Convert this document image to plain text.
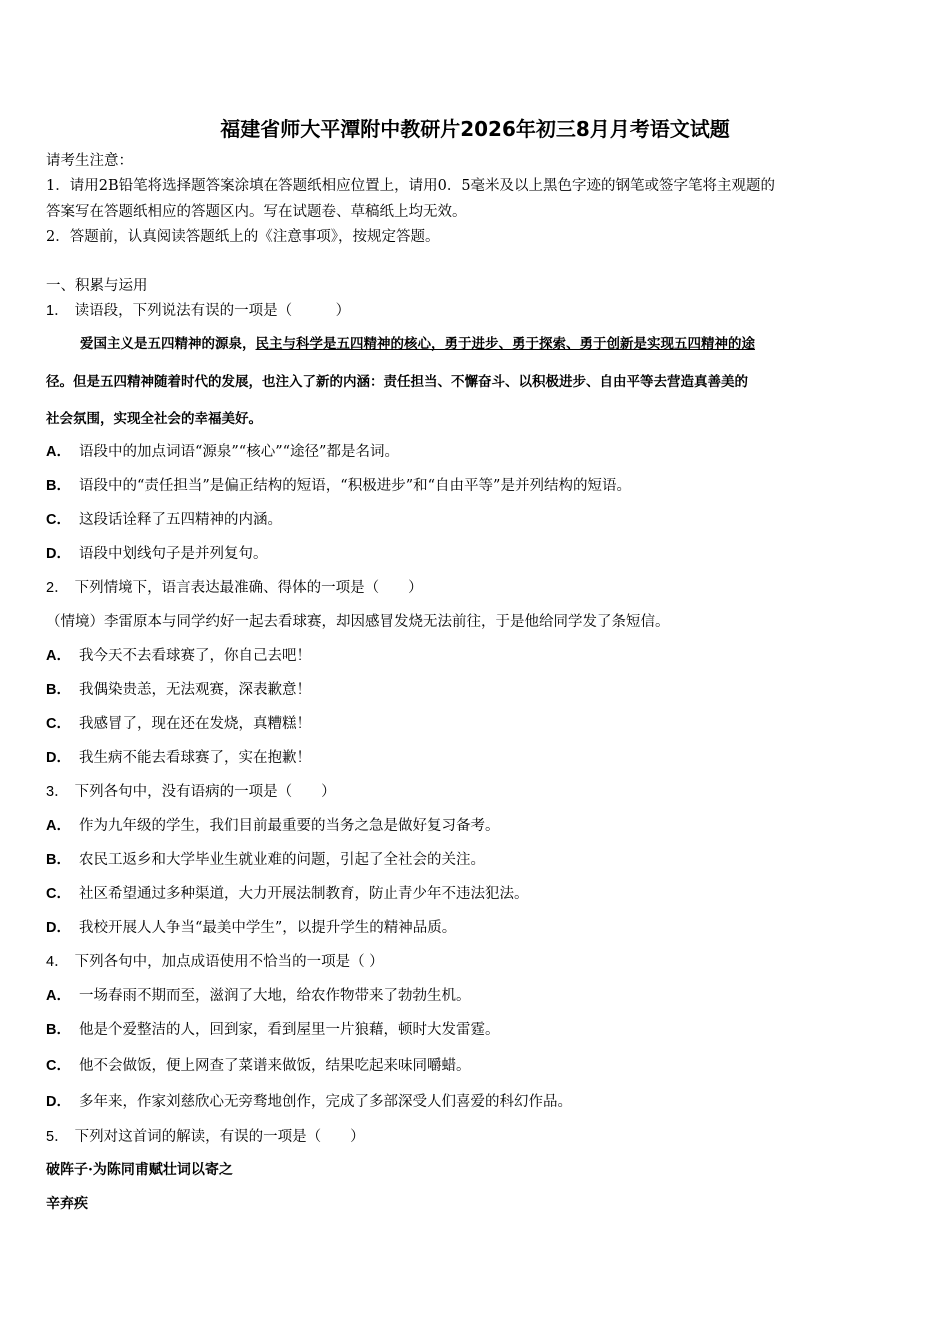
福建省师大平潭附中教研片2026年初三8月月考语文试题
请考生注意：
1．请用2B铅笔将选择题答案涂填在答题纸相应位置上，请用0．5毫米及以上黑色字迹的钢笔或签字笔将主观题的
答案写在答题纸相应的答题区内。写在试题卷、草稿纸上均无效。
2．答题前，认真阅读答题纸上的《注意事项》，按规定答题。
一、积累与运用
1． 读语段，下列说法有误的一项是（　　　）
爱国主义是五四精神的源泉，民主与科学是五四精神的核心，勇于进步、勇于探索、勇于创新是实现五四精神的途
径。但是五四精神随着时代的发展，也注入了新的内涵：责任担当、不懈奋斗、以积极进步、自由平等去营造真善美的
社会氛围，实现全社会的幸福美好。
A． 语段中的加点词语“源泉”“核心”“途径”都是名词。
B． 语段中的“责任担当”是偏正结构的短语，“积极进步”和“自由平等”是并列结构的短语。
C． 这段话诠释了五四精神的内涵。
D． 语段中划线句子是并列复句。
2． 下列情境下，语言表达最准确、得体的一项是（　　）
（情境）李雷原本与同学约好一起去看球赛，却因感冒发烧无法前往，于是他给同学发了条短信。
A． 我今天不去看球赛了，你自己去吧！
B． 我偶染贵恙，无法观赛，深表歉意！
C． 我感冒了，现在还在发烧，真糟糕！
D． 我生病不能去看球赛了，实在抱歉！
3． 下列各句中，没有语病的一项是（　　）
A． 作为九年级的学生，我们目前最重要的当务之急是做好复习备考。
B． 农民工返乡和大学毕业生就业难的问题，引起了全社会的关注。
C． 社区希望通过多种渠道，大力开展法制教育，防止青少年不违法犯法。
D． 我校开展人人争当“最美中学生”，以提升学生的精神品质。
4． 下列各句中，加点成语使用不恰当的一项是（ ）
A． 一场春雨不期而至，滋润了大地，给农作物带来了勃勃生机。
B． 他是个爱整洁的人，回到家，看到屋里一片狼藉，顿时大发雷霆。
C． 他不会做饭，便上网查了菜谱来做饭，结果吃起来味同嚼蜡。
D． 多年来，作家刘慈欣心无旁骛地创作，完成了多部深受人们喜爱的科幻作品。
5． 下列对这首词的解读，有误的一项是（　　）
破阵子·为陈同甫赋壮词以寄之
辛弃疾
